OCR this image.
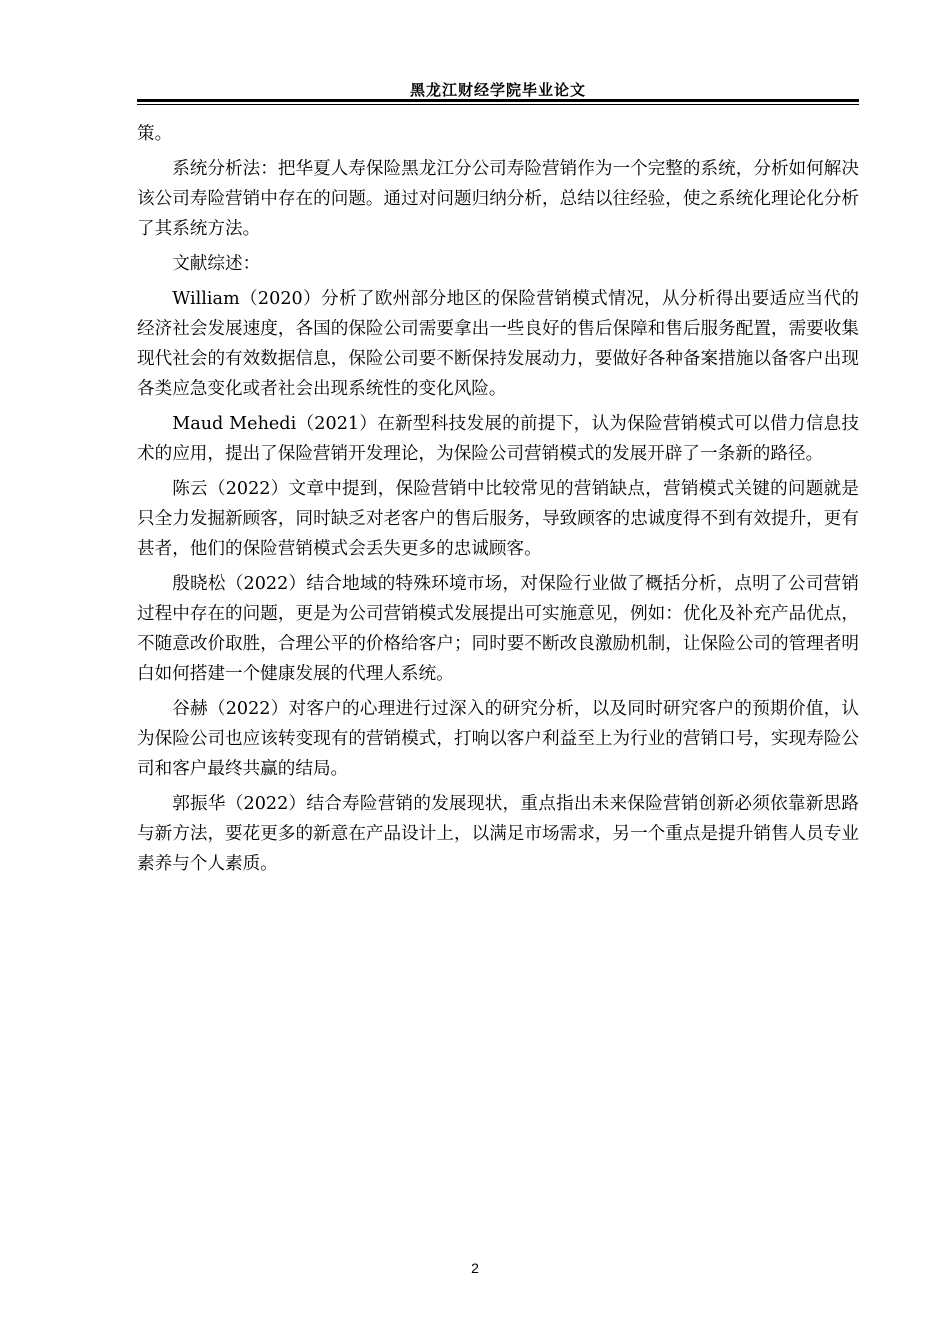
黑龙江财经学院毕业论文

策。

系统分析法：把华夏人寿保险黑龙江分公司寿险营销作为一个完整的系统，分析如何解决该公司寿险营销中存在的问题。通过对问题归纳分析，总结以往经验，使之系统化理论化分析了其系统方法。

文献综述：

William（2020）分析了欧州部分地区的保险营销模式情况，从分析得出要适应当代的经济社会发展速度，各国的保险公司需要拿出一些良好的售后保障和售后服务配置，需要收集现代社会的有效数据信息，保险公司要不断保持发展动力，要做好各种备案措施以备客户出现各类应急变化或者社会出现系统性的变化风险。

Maud Mehedi（2021）在新型科技发展的前提下，认为保险营销模式可以借力信息技术的应用，提出了保险营销开发理论，为保险公司营销模式的发展开辟了一条新的路径。

陈云（2022）文章中提到，保险营销中比较常见的营销缺点，营销模式关键的问题就是只全力发掘新顾客，同时缺乏对老客户的售后服务，导致顾客的忠诚度得不到有效提升，更有甚者，他们的保险营销模式会丢失更多的忠诚顾客。

殷晓松（2022）结合地域的特殊环境市场，对保险行业做了概括分析，点明了公司营销过程中存在的问题，更是为公司营销模式发展提出可实施意见，例如：优化及补充产品优点，不随意改价取胜，合理公平的价格给客户；同时要不断改良激励机制，让保险公司的管理者明白如何搭建一个健康发展的代理人系统。

谷赫（2022）对客户的心理进行过深入的研究分析，以及同时研究客户的预期价值，认为保险公司也应该转变现有的营销模式，打响以客户利益至上为行业的营销口号，实现寿险公司和客户最终共赢的结局。

郭振华（2022）结合寿险营销的发展现状，重点指出未来保险营销创新必须依靠新思路与新方法，要花更多的新意在产品设计上，以满足市场需求，另一个重点是提升销售人员专业素养与个人素质。

2
